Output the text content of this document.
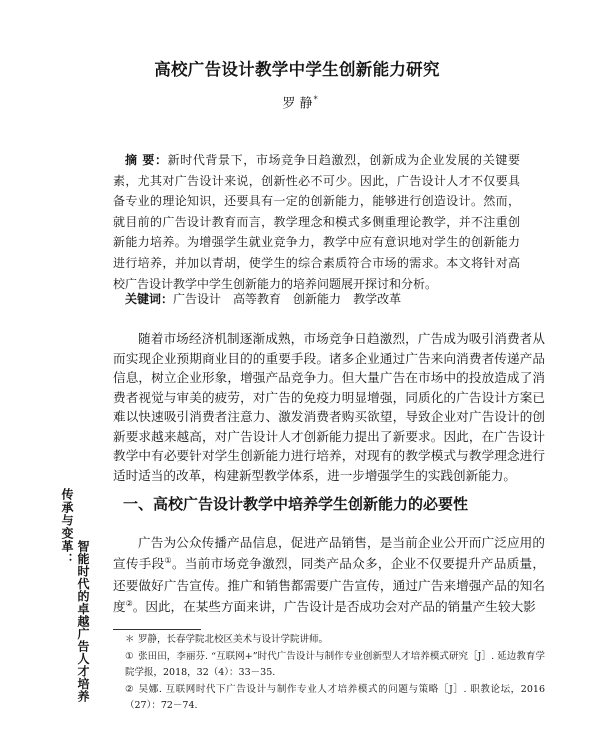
传承与变革：
智能时代的卓越广告人才培养
高校广告设计教学中学生创新能力研究
罗 静*
摘 要：新时代背景下，市场竞争日趋激烈，创新成为企业发展的关键要素，尤其对广告设计来说，创新性必不可少。因此，广告设计人才不仅要具备专业的理论知识，还要具有一定的创新能力，能够进行创造设计。然而，就目前的广告设计教育而言，教学理念和模式多侧重理论教学，并不注重创新能力培养。为增强学生就业竞争力，教学中应有意识地对学生的创新能力进行培养，并加以青胡，使学生的综合素质符合市场的需求。本文将针对高校广告设计教学中学生创新能力的培养问题展开探讨和分析。
关键词：广告设计 高等教育 创新能力 教学改革

随着市场经济机制逐渐成熟，市场竞争日趋激烈，广告成为吸引消费者从而实现企业预期商业目的的重要手段。诸多企业通过广告来向消费者传递产品信息，树立企业形象，增强产品竞争力。但大量广告在市场中的投放造成了消费者视觉与审美的疲劳，对广告的免疫力明显增强，同质化的广告设计方案已难以快速吸引消费者注意力、激发消费者购买欲望，导致企业对广告设计的创新要求越来越高，对广告设计人才创新能力提出了新要求。因此，在广告设计教学中有必要针对学生创新能力进行培养，对现有的教学模式与教学理念进行适时适当的改革，构建新型教学体系，进一步增强学生的实践创新能力。

一、高校广告设计教学中培养学生创新能力的必要性

广告为公众传播产品信息，促进产品销售，是当前企业公开而广泛应用的宣传手段①。当前市场竞争激烈，同类产品众多，企业不仅要提升产品质量，还要做好广告宣传。推广和销售都需要广告宣传，通过广告来增强产品的知名度②。因此，在某些方面来讲，广告设计是否成功会对产品的销量产生较大影

＊ 罗静，长春学院北校区美术与设计学院讲师。
① 张田田，李丽芬. “互联网+”时代广告设计与制作专业创新型人才培养模式研究［J］. 延边教育学院学报，2018，32（4）：33－35.
② 吴娜. 互联网时代下广告设计与制作专业人才培养模式的问题与策略［J］. 职教论坛，2016（27）：72－74.
